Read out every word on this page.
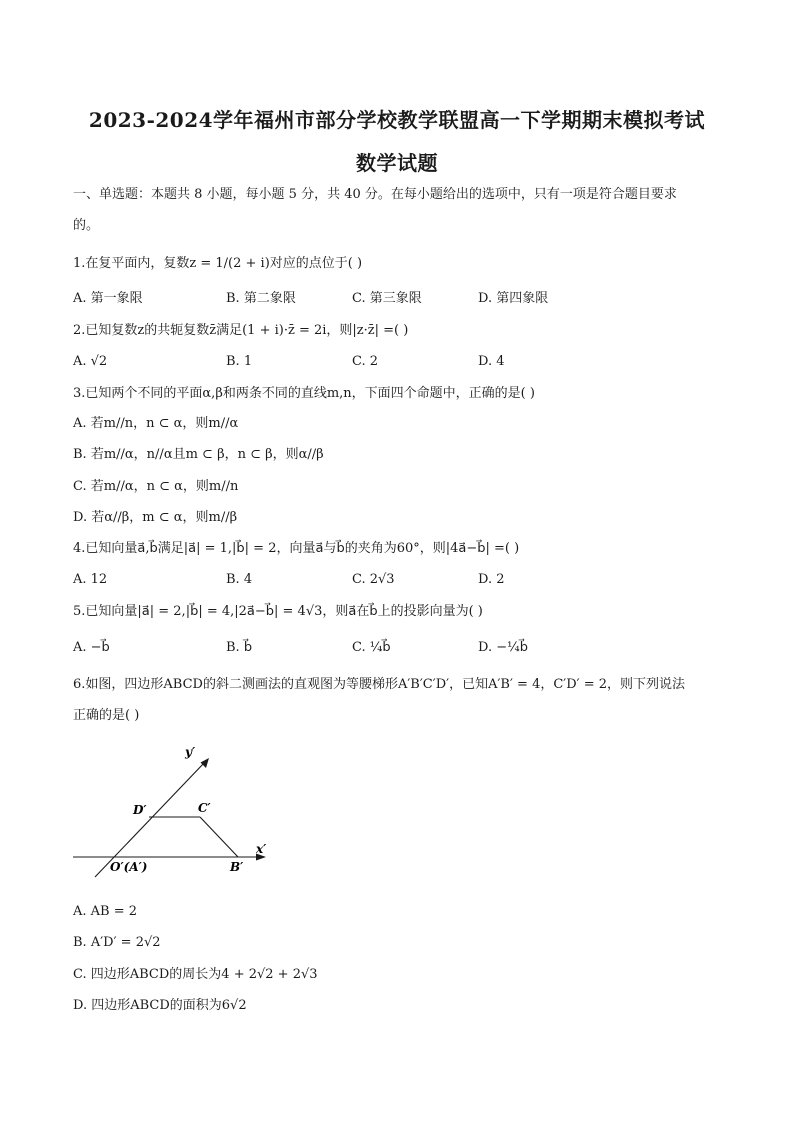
2023-2024学年福州市部分学校教学联盟高一下学期期末模拟考试
数学试题
一、单选题：本题共 8 小题，每小题 5 分，共 40 分。在每小题给出的选项中，只有一项是符合题目要求
的。
1.在复平面内，复数z = 1/(2 + i)对应的点位于( )
A. 第一象限	B. 第二象限	C. 第三象限	D. 第四象限
2.已知复数z的共轭复数z̄满足(1 + i)·z̄ = 2i，则|z·z̄| =( )
A. √2	B. 1	C. 2	D. 4
3.已知两个不同的平面α,β和两条不同的直线m,n，下面四个命题中，正确的是( )
A. 若m//n，n ⊂ α，则m//α
B. 若m//α，n//α且m ⊂ β，n ⊂ β，则α//β
C. 若m//α，n ⊂ α，则m//n
D. 若α//β，m ⊂ α，则m//β
4.已知向量a⃗,b⃗满足|a⃗| = 1,|b⃗| = 2，向量a⃗与b⃗的夹角为60°，则|4a⃗−b⃗| =( )
A. 12	B. 4	C. 2√3	D. 2
5.已知向量|a⃗| = 2,|b⃗| = 4,|2a⃗−b⃗| = 4√3，则a⃗在b⃗上的投影向量为( )
A. −b⃗	B. b⃗	C. ¼b⃗	D. −¼b⃗
6.如图，四边形ABCD的斜二测画法的直观图为等腰梯形A′B′C′D′，已知A′B′ = 4，C′D′ = 2，则下列说法
正确的是( )
y′
x′
D′	C′
B′
O′(A′)
A. AB = 2
B. A′D′ = 2√2
C. 四边形ABCD的周长为4 + 2√2 + 2√3
D. 四边形ABCD的面积为6√2
